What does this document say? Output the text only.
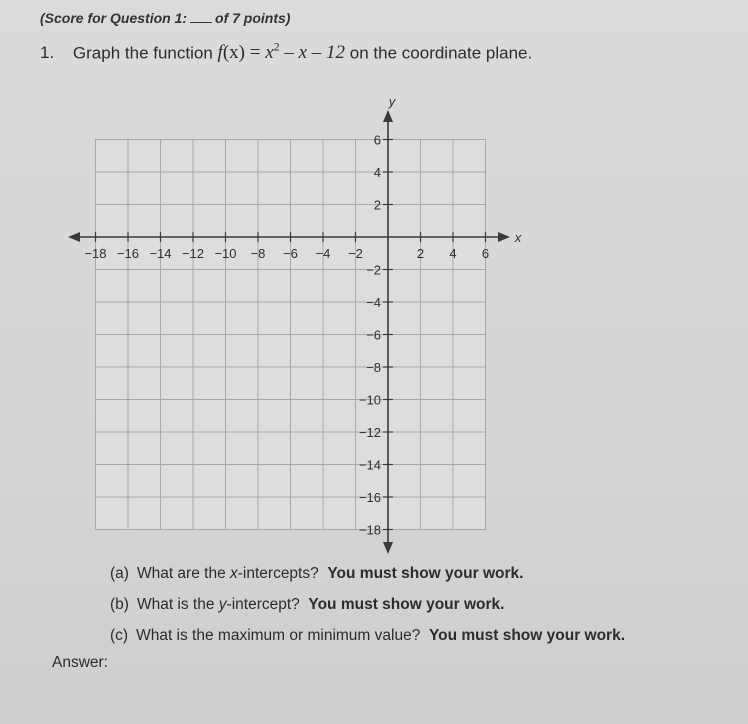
(Score for Question 1: of 7 points)
1. Graph the function $f(x) = x^2 - x - 12$ on the coordinate plane.
y
x
−18 −16 −14 −12 −10 −8 −6 −4 −2	2 4 6
6
4
2
−2
−4
−6
−8
−10
−12
−14
−16
−18
(a) What are the x-intercepts? You must show your work.
(b) What is the y-intercept? You must show your work.
(c) What is the maximum or minimum value? You must show your work.
Answer:
